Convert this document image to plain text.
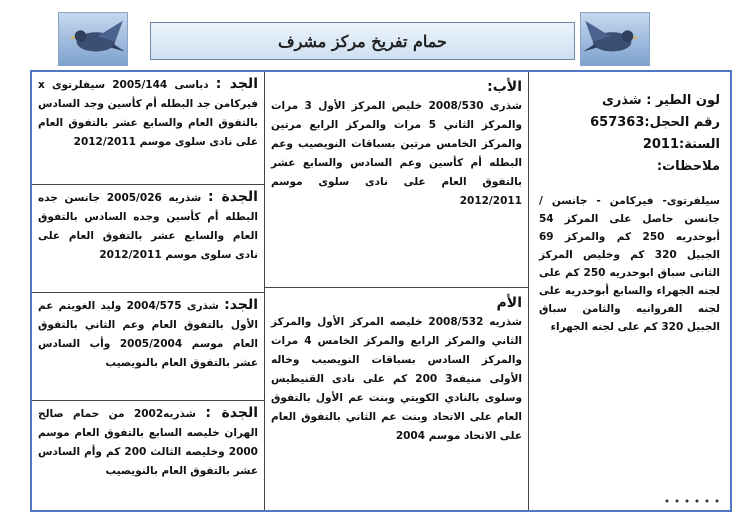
حمام تفريخ مركز مشرف
الجد : دباسى 2005/144 سيفلرتوى x فيركامن جد البطله أم كأسين وجد السادس بالتفوق العام والسابع عشر بالتفوق العام على نادى سلوى موسم 2012/2011
الجدة : شذريه 2005/026 جانسن جده البطله أم كأسين وجده السادس بالتفوق العام والسابع عشر بالتفوق العام على نادى سلوى موسم 2012/2011
الجد: شذرى 2004/575 وليد الغويتم عم الأول بالتفوق العام وعم الثاني بالتفوق العام موسم 2005/2004 وأب السادس عشر بالتفوق العام بالنويصيب
الجدة : شذريه2002 من حمام صالح الهران خليصه السابع بالتفوق العام موسم 2000 وخليصه الثالث 200 كم وأم السادس عشر بالتفوق العام بالنويصيب
الأب:
شذرى 2008/530 خليص المركز الأول 3 مرات والمركز الثاني 5 مرات والمركز الرابع مرتين والمركز الخامس مرتين بسباقات النويصيب وعم البطله أم كأسين وعم السادس والسابع عشر بالتفوق العام على نادى سلوى موسم 2012/2011
الأم
شذريه 2008/532 خليصه المركز الأول والمركز الثاني والمركز الرابع والمركز الخامس 4 مرات والمركز السادس بسباقات النويصيب وخاله الأولى منيفه3 200 كم على نادى القنيطيس وسلوى بالنادي الكويتي وبنت عم الأول بالتفوق العام على الاتحاد وبنت عم الثاني بالتفوق العام على الاتحاد موسم 2004
لون الطير : شذرى
رقم الحجل:657363
السنة:2011
ملاحظات:
سيلفرتوى- فيركامن - جانسن / جانسن حاصل على المركز 54 أبوحدريه 250 كم والمركز 69 الجبيل 320 كم وخليص المركز الثانى سباق ابوحدريه 250 كم على لجنه الجهراء والسابع أبوحدريه على لجنه الفروانيه والثامن سباق الجبيل 320 كم على لجنه الجهراء
